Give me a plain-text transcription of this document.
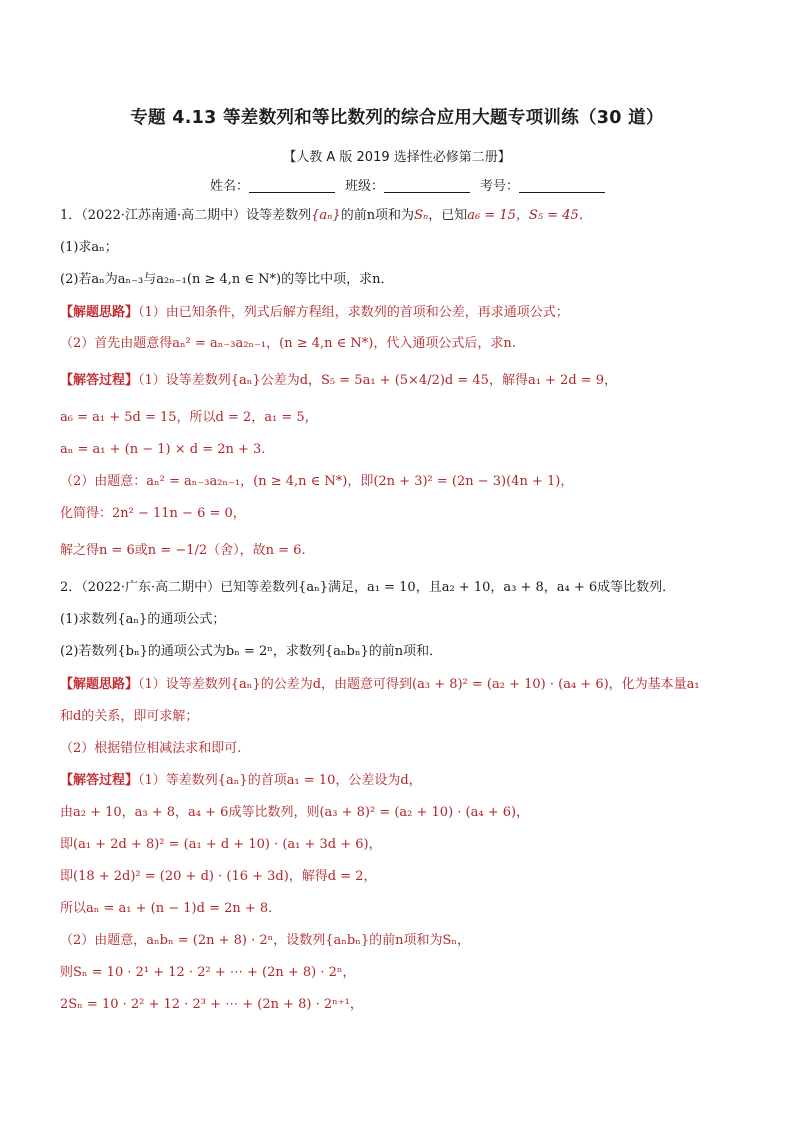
专题 4.13 等差数列和等比数列的综合应用大题专项训练（30 道）
【人教 A 版 2019 选择性必修第二册】
姓名：	班级：	考号：
1．（2022·江苏南通·高二期中）设等差数列{aₙ}的前n项和为Sₙ，已知a₆ = 15，S₅ = 45．
(1)求aₙ；
(2)若aₙ为aₙ₋₃与a₂ₙ₋₁(n ≥ 4,n ∈ N*)的等比中项，求n．
【解题思路】（1）由已知条件，列式后解方程组，求数列的首项和公差，再求通项公式；
（2）首先由题意得aₙ² = aₙ₋₃a₂ₙ₋₁，(n ≥ 4,n ∈ N*)，代入通项公式后，求n.
【解答过程】（1）设等差数列{aₙ}公差为d，S₅ = 5a₁ + (5×4/2)d = 45，解得a₁ + 2d = 9，
a₆ = a₁ + 5d = 15，所以d = 2，a₁ = 5，
aₙ = a₁ + (n − 1) × d = 2n + 3.
（2）由题意：aₙ² = aₙ₋₃a₂ₙ₋₁，(n ≥ 4,n ∈ N*)，即(2n + 3)² = (2n − 3)(4n + 1)，
化简得：2n² − 11n − 6 = 0，
解之得n = 6或n = −1/2（舍），故n = 6.
2．（2022·广东·高二期中）已知等差数列{aₙ}满足，a₁ = 10，且a₂ + 10，a₃ + 8，a₄ + 6成等比数列．
(1)求数列{aₙ}的通项公式；
(2)若数列{bₙ}的通项公式为bₙ = 2ⁿ，求数列{aₙbₙ}的前n项和．
【解题思路】（1）设等差数列{aₙ}的公差为d，由题意可得到(a₃ + 8)² = (a₂ + 10) · (a₄ + 6)，化为基本量a₁
和d的关系，即可求解；
（2）根据错位相减法求和即可.
【解答过程】（1）等差数列{aₙ}的首项a₁ = 10，公差设为d，
由a₂ + 10，a₃ + 8，a₄ + 6成等比数列，则(a₃ + 8)² = (a₂ + 10) · (a₄ + 6)，
即(a₁ + 2d + 8)² = (a₁ + d + 10) · (a₁ + 3d + 6)，
即(18 + 2d)² = (20 + d) · (16 + 3d)，解得d = 2，
所以aₙ = a₁ + (n − 1)d = 2n + 8.
（2）由题意，aₙbₙ = (2n + 8) · 2ⁿ，设数列{aₙbₙ}的前n项和为Sₙ，
则Sₙ = 10 · 2¹ + 12 · 2² + ⋯ + (2n + 8) · 2ⁿ，
2Sₙ = 10 · 2² + 12 · 2³ + ⋯ + (2n + 8) · 2ⁿ⁺¹，
